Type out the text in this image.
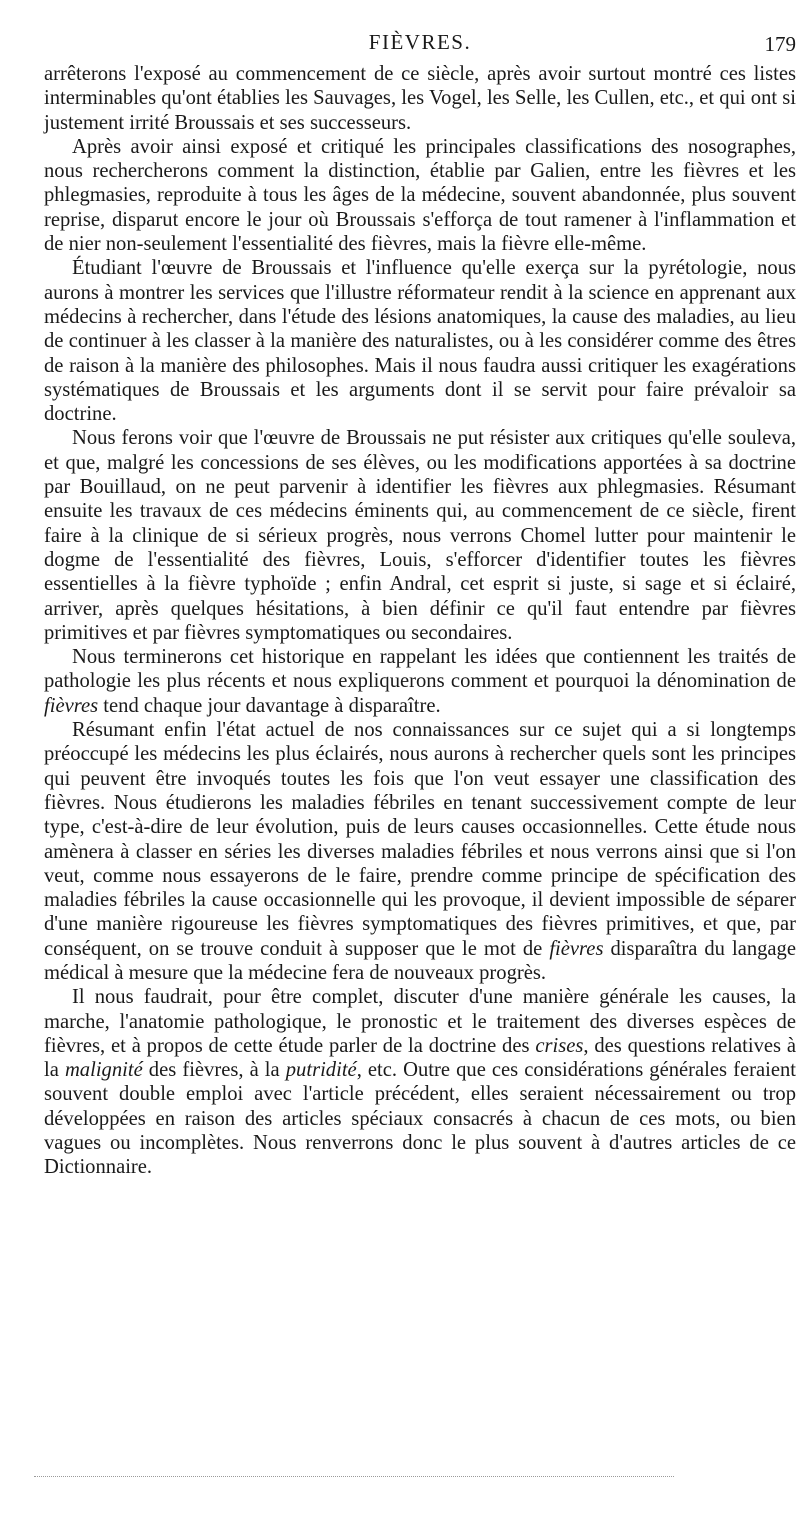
FIÈVRES.	179

arrêterons l'exposé au commencement de ce siècle, après avoir surtout montré ces listes interminables qu'ont établies les Sauvages, les Vogel, les Selle, les Cullen, etc., et qui ont si justement irrité Broussais et ses successeurs.

Après avoir ainsi exposé et critiqué les principales classifications des nosographes, nous rechercherons comment la distinction, établie par Galien, entre les fièvres et les phlegmasies, reproduite à tous les âges de la médecine, souvent abandonnée, plus souvent reprise, disparut encore le jour où Broussais s'efforça de tout ramener à l'inflammation et de nier non-seulement l'essentialité des fièvres, mais la fièvre elle-même.

Étudiant l'œuvre de Broussais et l'influence qu'elle exerça sur la pyrétologie, nous aurons à montrer les services que l'illustre réformateur rendit à la science en apprenant aux médecins à rechercher, dans l'étude des lésions anatomiques, la cause des maladies, au lieu de continuer à les classer à la manière des naturalistes, ou à les considérer comme des êtres de raison à la manière des philosophes. Mais il nous faudra aussi critiquer les exagérations systématiques de Broussais et les arguments dont il se servit pour faire prévaloir sa doctrine.

Nous ferons voir que l'œuvre de Broussais ne put résister aux critiques qu'elle souleva, et que, malgré les concessions de ses élèves, ou les modifications apportées à sa doctrine par Bouillaud, on ne peut parvenir à identifier les fièvres aux phlegmasies. Résumant ensuite les travaux de ces médecins éminents qui, au commencement de ce siècle, firent faire à la clinique de si sérieux progrès, nous verrons Chomel lutter pour maintenir le dogme de l'essentialité des fièvres, Louis, s'efforcer d'identifier toutes les fièvres essentielles à la fièvre typhoïde ; enfin Andral, cet esprit si juste, si sage et si éclairé, arriver, après quelques hésitations, à bien définir ce qu'il faut entendre par fièvres primitives et par fièvres symptomatiques ou secondaires.

Nous terminerons cet historique en rappelant les idées que contiennent les traités de pathologie les plus récents et nous expliquerons comment et pourquoi la dénomination de fièvres tend chaque jour davantage à disparaître.

Résumant enfin l'état actuel de nos connaissances sur ce sujet qui a si longtemps préoccupé les médecins les plus éclairés, nous aurons à rechercher quels sont les principes qui peuvent être invoqués toutes les fois que l'on veut essayer une classification des fièvres. Nous étudierons les maladies fébriles en tenant successivement compte de leur type, c'est-à-dire de leur évolution, puis de leurs causes occasionnelles. Cette étude nous amènera à classer en séries les diverses maladies fébriles et nous verrons ainsi que si l'on veut, comme nous essayerons de le faire, prendre comme principe de spécification des maladies fébriles la cause occasionnelle qui les provoque, il devient impossible de séparer d'une manière rigoureuse les fièvres symptomatiques des fièvres primitives, et que, par conséquent, on se trouve conduit à supposer que le mot de fièvres disparaîtra du langage médical à mesure que la médecine fera de nouveaux progrès.

Il nous faudrait, pour être complet, discuter d'une manière générale les causes, la marche, l'anatomie pathologique, le pronostic et le traitement des diverses espèces de fièvres, et à propos de cette étude parler de la doctrine des crises, des questions relatives à la malignité des fièvres, à la putridité, etc. Outre que ces considérations générales feraient souvent double emploi avec l'article précédent, elles seraient nécessairement ou trop développées en raison des articles spéciaux consacrés à chacun de ces mots, ou bien vagues ou incomplètes. Nous renverrons donc le plus souvent à d'autres articles de ce Dictionnaire.
